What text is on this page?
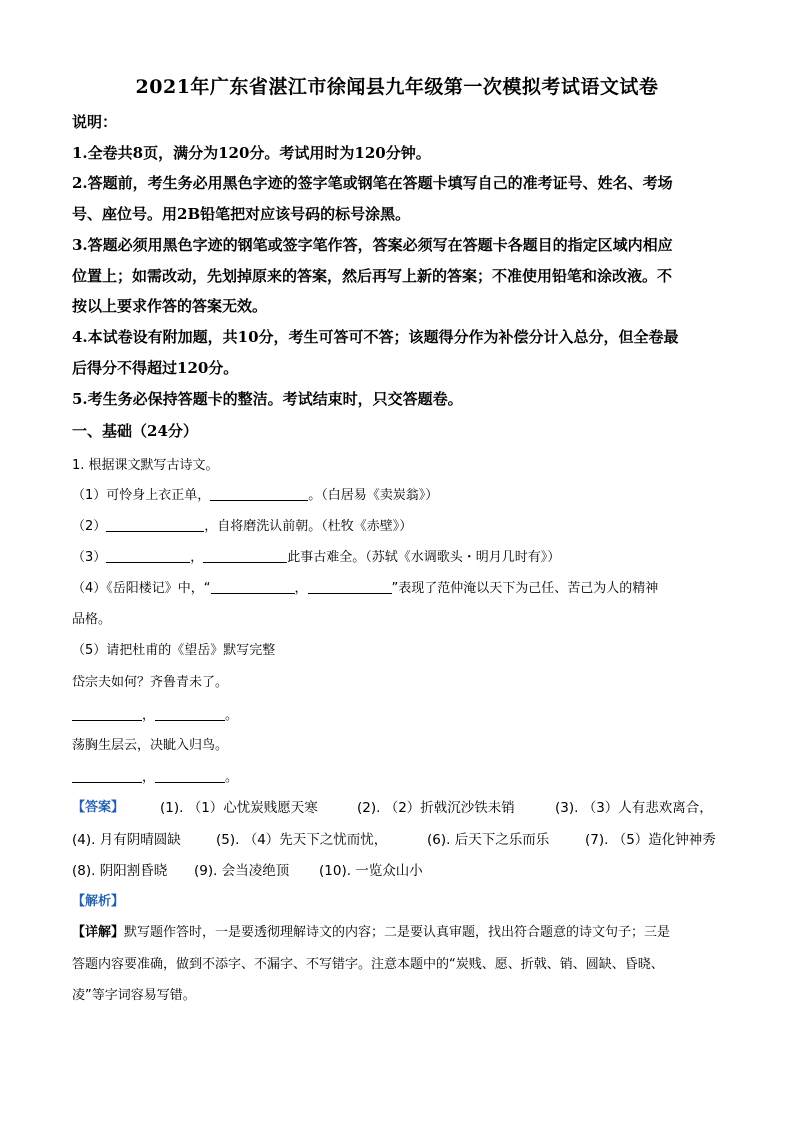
2021年广东省湛江市徐闻县九年级第一次模拟考试语文试卷
说明：
1.全卷共8页，满分为120分。考试用时为120分钟。
2.答题前，考生务必用黑色字迹的签字笔或钢笔在答题卡填写自己的准考证号、姓名、考场
号、座位号。用2B铅笔把对应该号码的标号涂黑。
3.答题必须用黑色字迹的钢笔或签字笔作答，答案必须写在答题卡各题目的指定区域内相应
位置上；如需改动，先划掉原来的答案，然后再写上新的答案；不准使用铅笔和涂改液。不
按以上要求作答的答案无效。
4.本试卷设有附加题，共10分，考生可答可不答；该题得分作为补偿分计入总分，但全卷最
后得分不得超过120分。
5.考生务必保持答题卡的整洁。考试结束时，只交答题卷。
一、基础（24分）
1. 根据课文默写古诗文。
（1）可怜身上衣正单，	。（白居易《卖炭翁》）
（2）	，自将磨洗认前朝。（杜牧《赤壁》）
（3）	，	此事古难全。（苏轼《水调歌头・明月几时有》）
（4）《岳阳楼记》中，“	，	”表现了范仲淹以天下为己任、苦己为人的精神
品格。
（5）请把杜甫的《望岳》默写完整
岱宗夫如何？齐鲁青未了。
，	。
荡胸生层云，决眦入归鸟。
，	。
【答案】	(1). （1）心忧炭贱愿天寒	(2). （2）折戟沉沙铁未销	(3). （3）人有悲欢离合，
(4). 月有阴晴圆缺	(5). （4）先天下之忧而忧，	(6). 后天下之乐而乐	(7). （5）造化钟神秀
(8). 阴阳割昏晓 (9). 会当凌绝顶 (10). 一览众山小
【解析】
【详解】默写题作答时，一是要透彻理解诗文的内容；二是要认真审题，找出符合题意的诗文句子；三是
答题内容要准确，做到不添字、不漏字、不写错字。注意本题中的“炭贱、愿、折戟、销、圆缺、昏晓、
凌”等字词容易写错。
